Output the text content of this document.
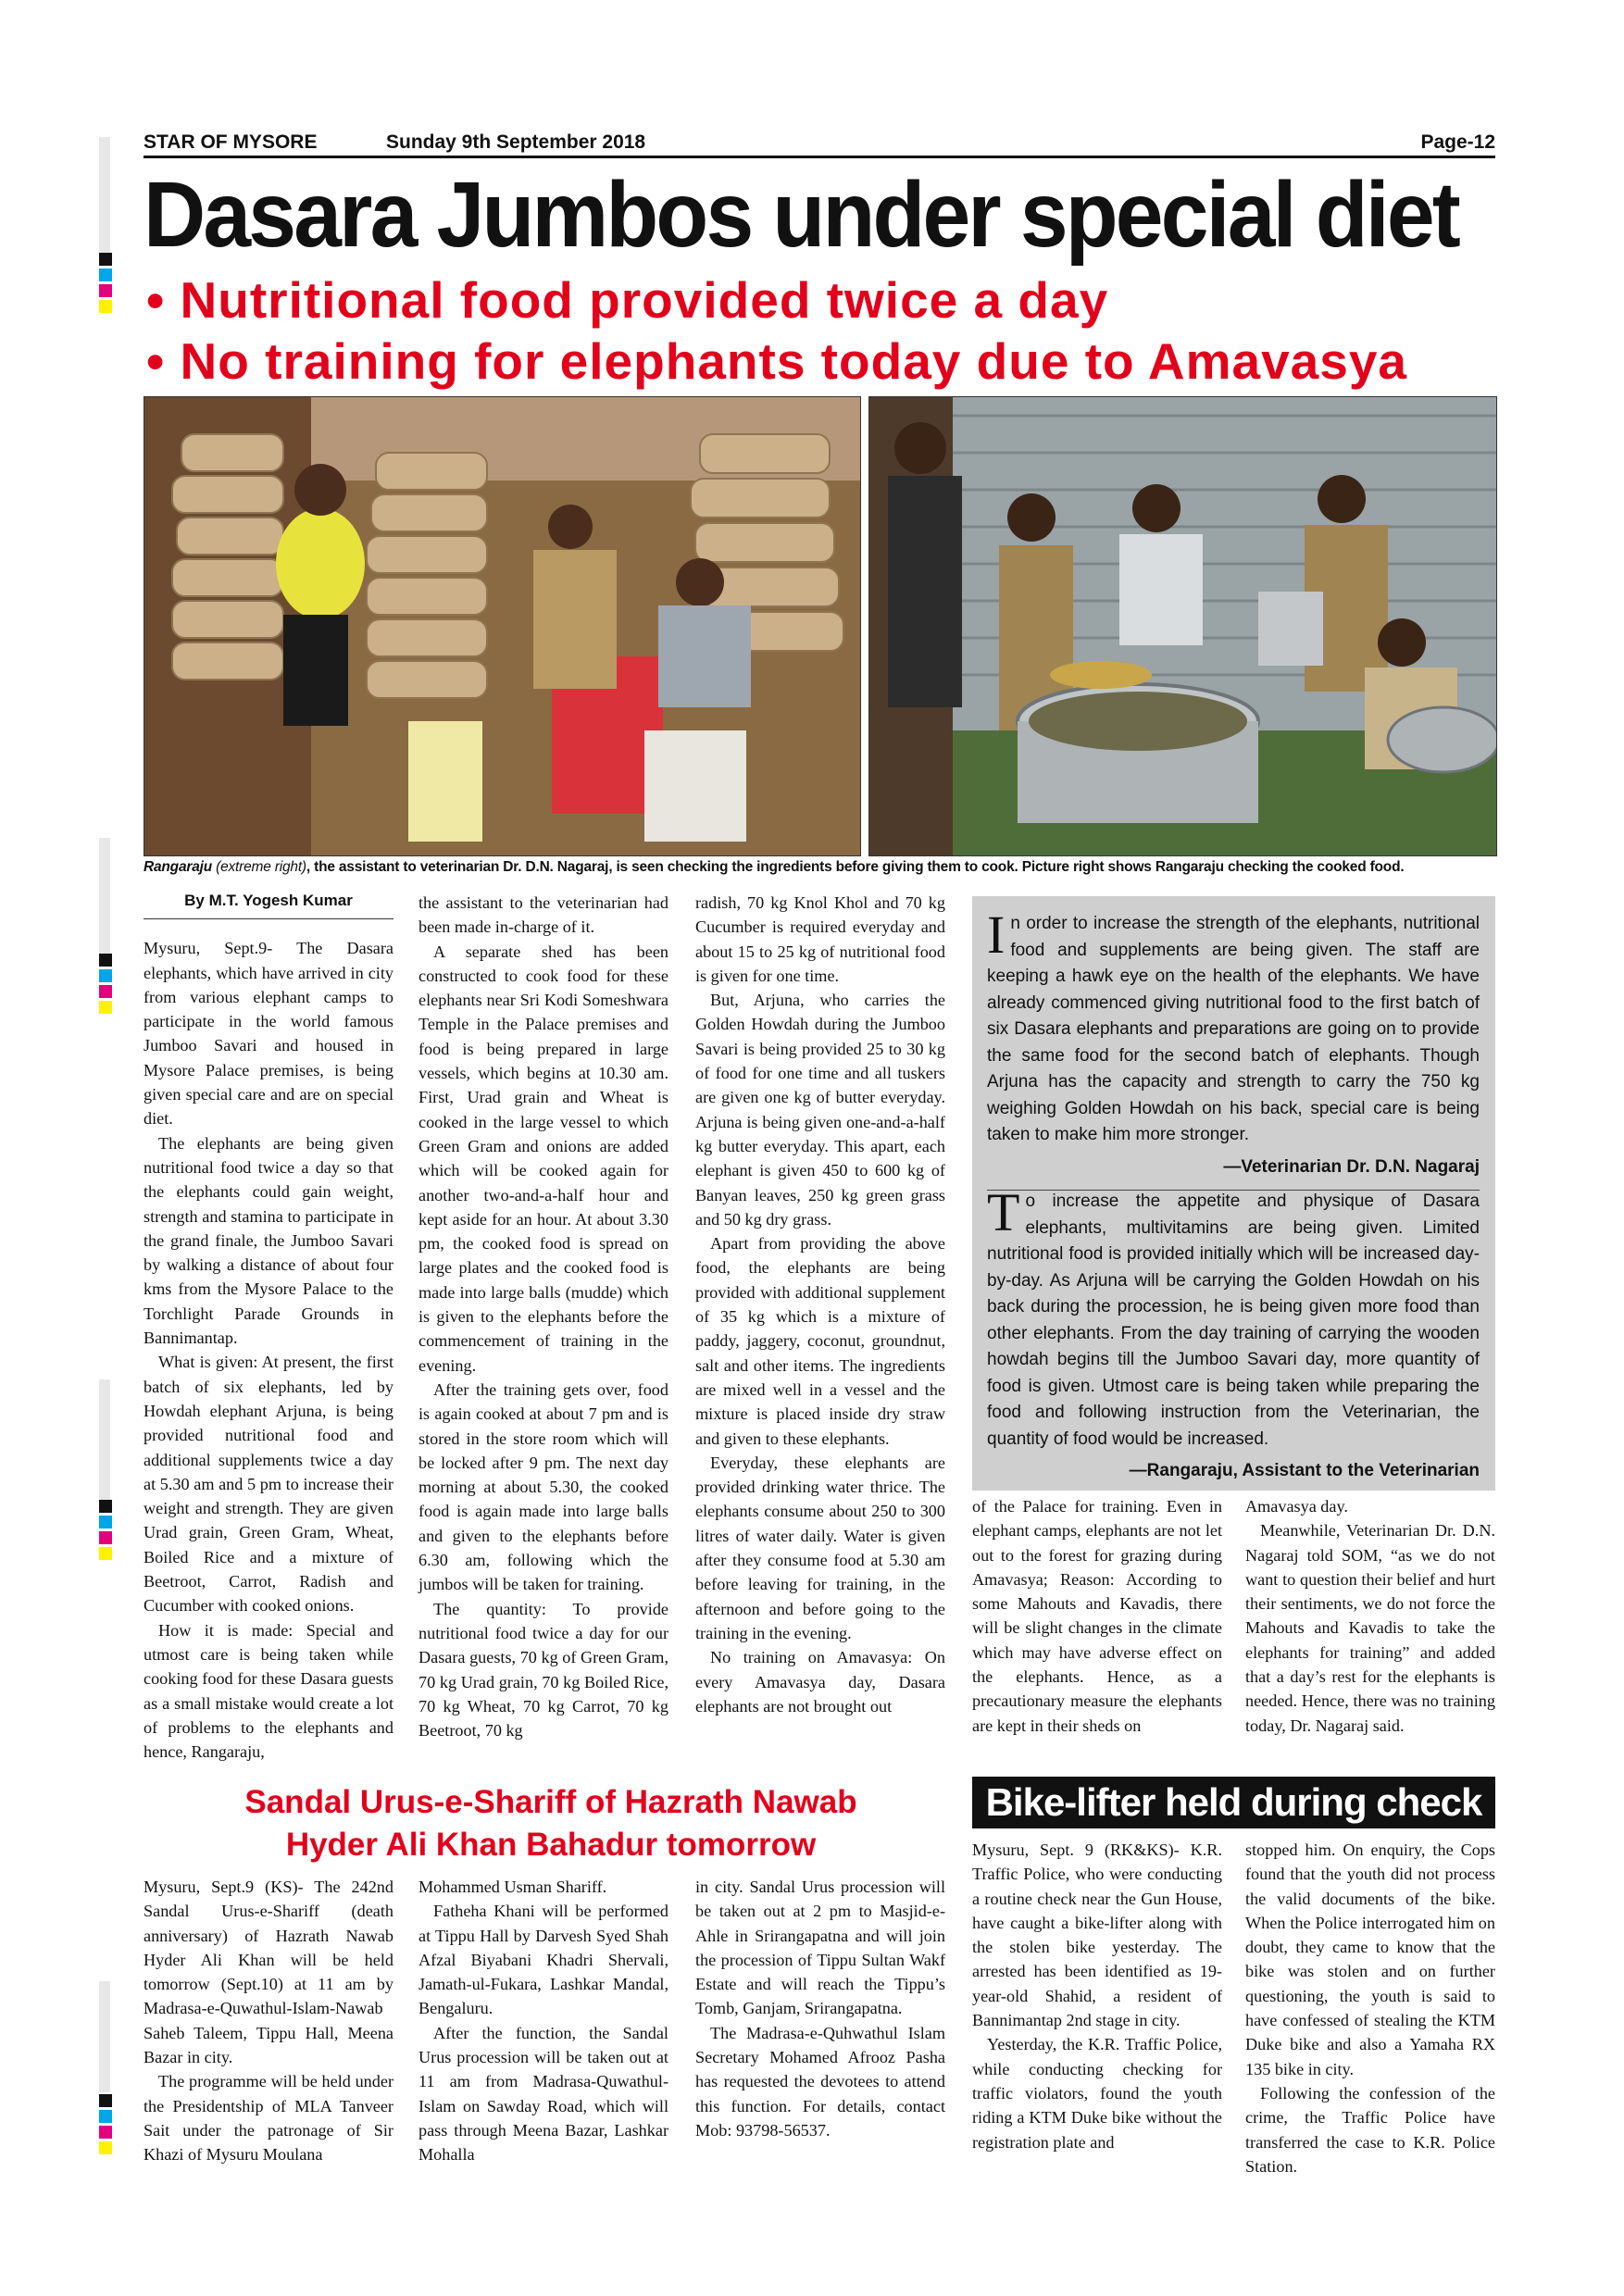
STAR OF MYSORE	Sunday 9th September 2018	Page-12
Dasara Jumbos under special diet
• Nutritional food provided twice a day
• No training for elephants today due to Amavasya
Rangaraju (extreme right), the assistant to veterinarian Dr. D.N. Nagaraj, is seen checking the ingredients before giving them to cook. Picture right shows Rangaraju checking the cooked food.
By M.T. Yogesh Kumar

Mysuru, Sept.9- The Dasara elephants, which have arrived in city from various elephant camps to participate in the world famous Jumboo Savari and housed in Mysore Palace premises, is being given special care and are on special diet.

The elephants are being given nutritional food twice a day so that the elephants could gain weight, strength and stamina to participate in the grand finale, the Jumboo Savari by walking a distance of about four kms from the Mysore Palace to the Torchlight Parade Grounds in Bannimantap.

What is given: At present, the first batch of six elephants, led by Howdah elephant Arjuna, is being provided nutritional food and additional supplements twice a day at 5.30 am and 5 pm to increase their weight and strength. They are given Urad grain, Green Gram, Wheat, Boiled Rice and a mixture of Beetroot, Carrot, Radish and Cucumber with cooked onions.

How it is made: Special and utmost care is being taken while cooking food for these Dasara guests as a small mistake would create a lot of problems to the elephants and hence, Rangaraju,

the assistant to the veterinarian had been made in-charge of it.

A separate shed has been constructed to cook food for these elephants near Sri Kodi Someshwara Temple in the Palace premises and food is being prepared in large vessels, which begins at 10.30 am. First, Urad grain and Wheat is cooked in the large vessel to which Green Gram and onions are added which will be cooked again for another two-and-a-half hour and kept aside for an hour. At about 3.30 pm, the cooked food is spread on large plates and the cooked food is made into large balls (mudde) which is given to the elephants before the commencement of training in the evening.

After the training gets over, food is again cooked at about 7 pm and is stored in the store room which will be locked after 9 pm. The next day morning at about 5.30, the cooked food is again made into large balls and given to the elephants before 6.30 am, following which the jumbos will be taken for training.

The quantity: To provide nutritional food twice a day for our Dasara guests, 70 kg of Green Gram, 70 kg Urad grain, 70 kg Boiled Rice, 70 kg Wheat, 70 kg Carrot, 70 kg Beetroot, 70 kg

radish, 70 kg Knol Khol and 70 kg Cucumber is required everyday and about 15 to 25 kg of nutritional food is given for one time.

But, Arjuna, who carries the Golden Howdah during the Jumboo Savari is being provided 25 to 30 kg of food for one time and all tuskers are given one kg of butter everyday. Arjuna is being given one-and-a-half kg butter everyday. This apart, each elephant is given 450 to 600 kg of Banyan leaves, 250 kg green grass and 50 kg dry grass.

Apart from providing the above food, the elephants are being provided with additional supplement of 35 kg which is a mixture of paddy, jaggery, coconut, groundnut, salt and other items. The ingredients are mixed well in a vessel and the mixture is placed inside dry straw and given to these elephants.

Everyday, these elephants are provided drinking water thrice. The elephants consume about 250 to 300 litres of water daily. Water is given after they consume food at 5.30 am before leaving for training, in the afternoon and before going to the training in the evening.

No training on Amavasya: On every Amavasya day, Dasara elephants are not brought out

In order to increase the strength of the elephants, nutritional food and supplements are being given. The staff are keeping a hawk eye on the health of the elephants. We have already commenced giving nutritional food to the first batch of six Dasara elephants and preparations are going on to provide the same food for the second batch of elephants. Though Arjuna has the capacity and strength to carry the 750 kg weighing Golden Howdah on his back, special care is being taken to make him more stronger.
—Veterinarian Dr. D.N. Nagaraj
To increase the appetite and physique of Dasara elephants, multivitamins are being given. Limited nutritional food is provided initially which will be increased day-by-day. As Arjuna will be carrying the Golden Howdah on his back during the procession, he is being given more food than other elephants. From the day training of carrying the wooden howdah begins till the Jumboo Savari day, more quantity of food is given. Utmost care is being taken while preparing the food and following instruction from the Veterinarian, the quantity of food would be increased.
—Rangaraju, Assistant to the Veterinarian

of the Palace for training. Even in elephant camps, elephants are not let out to the forest for grazing during Amavasya; Reason: According to some Mahouts and Kavadis, there will be slight changes in the climate which may have adverse effect on the elephants. Hence, as a precautionary measure the elephants are kept in their sheds on

Amavasya day.

Meanwhile, Veterinarian Dr. D.N. Nagaraj told SOM, “as we do not want to question their belief and hurt their sentiments, we do not force the Mahouts and Kavadis to take the elephants for training” and added that a day’s rest for the elephants is needed. Hence, there was no training today, Dr. Nagaraj said.

Sandal Urus-e-Shariff of Hazrath Nawab
Hyder Ali Khan Bahadur tomorrow

Mysuru, Sept.9 (KS)- The 242nd Sandal Urus-e-Shariff (death anniversary) of Hazrath Nawab Hyder Ali Khan will be held tomorrow (Sept.10) at 11 am by Madrasa-e-Quwathul-Islam-Nawab Saheb Taleem, Tippu Hall, Meena Bazar in city.

The programme will be held under the Presidentship of MLA Tanveer Sait under the patronage of Sir Khazi of Mysuru Moulana

Mohammed Usman Shariff.

Fatheha Khani will be performed at Tippu Hall by Darvesh Syed Shah Afzal Biyabani Khadri Shervali, Jamath-ul-Fukara, Lashkar Mandal, Bengaluru.

After the function, the Sandal Urus procession will be taken out at 11 am from Madrasa-Quwathul-Islam on Sawday Road, which will pass through Meena Bazar, Lashkar Mohalla

in city. Sandal Urus procession will be taken out at 2 pm to Masjid-e-Ahle in Srirangapatna and will join the procession of Tippu Sultan Wakf Estate and will reach the Tippu’s Tomb, Ganjam, Srirangapatna.

The Madrasa-e-Quhwathul Islam Secretary Mohamed Afrooz Pasha has requested the devotees to attend this function. For details, contact Mob: 93798-56537.

Bike-lifter held during check

Mysuru, Sept. 9 (RK&KS)- K.R. Traffic Police, who were conducting a routine check near the Gun House, have caught a bike-lifter along with the stolen bike yesterday. The arrested has been identified as 19-year-old Shahid, a resident of Bannimantap 2nd stage in city.

Yesterday, the K.R. Traffic Police, while conducting checking for traffic violators, found the youth riding a KTM Duke bike without the registration plate and

stopped him. On enquiry, the Cops found that the youth did not process the valid documents of the bike. When the Police interrogated him on doubt, they came to know that the bike was stolen and on further questioning, the youth is said to have confessed of stealing the KTM Duke bike and also a Yamaha RX 135 bike in city.

Following the confession of the crime, the Traffic Police have transferred the case to K.R. Police Station.
